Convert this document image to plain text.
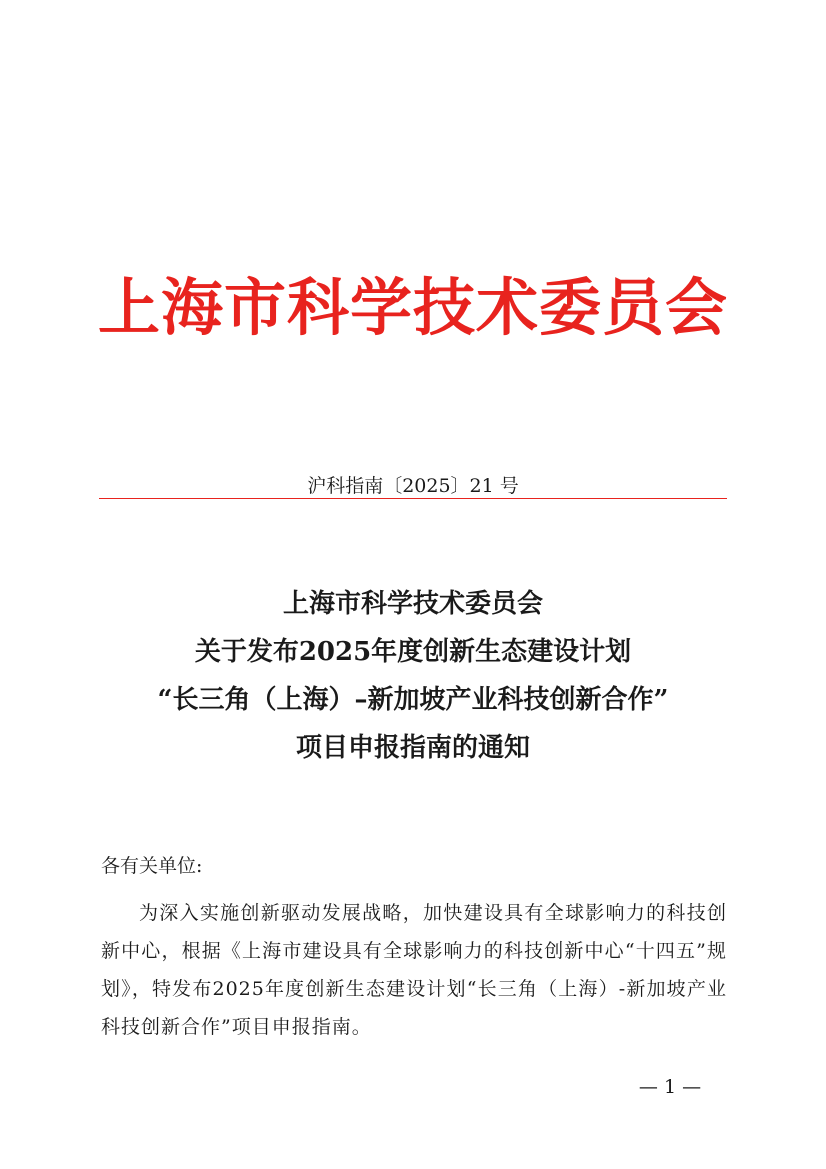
上海市科学技术委员会
沪科指南〔2025〕21 号
上海市科学技术委员会
关于发布2025年度创新生态建设计划
“长三角（上海）–新加坡产业科技创新合作”
项目申报指南的通知
各有关单位:
为深入实施创新驱动发展战略，加快建设具有全球影响力的科技创新中心，根据《上海市建设具有全球影响力的科技创新中心“十四五”规划》，特发布2025年度创新生态建设计划“长三角（上海）-新加坡产业科技创新合作”项目申报指南。
— 1 —
